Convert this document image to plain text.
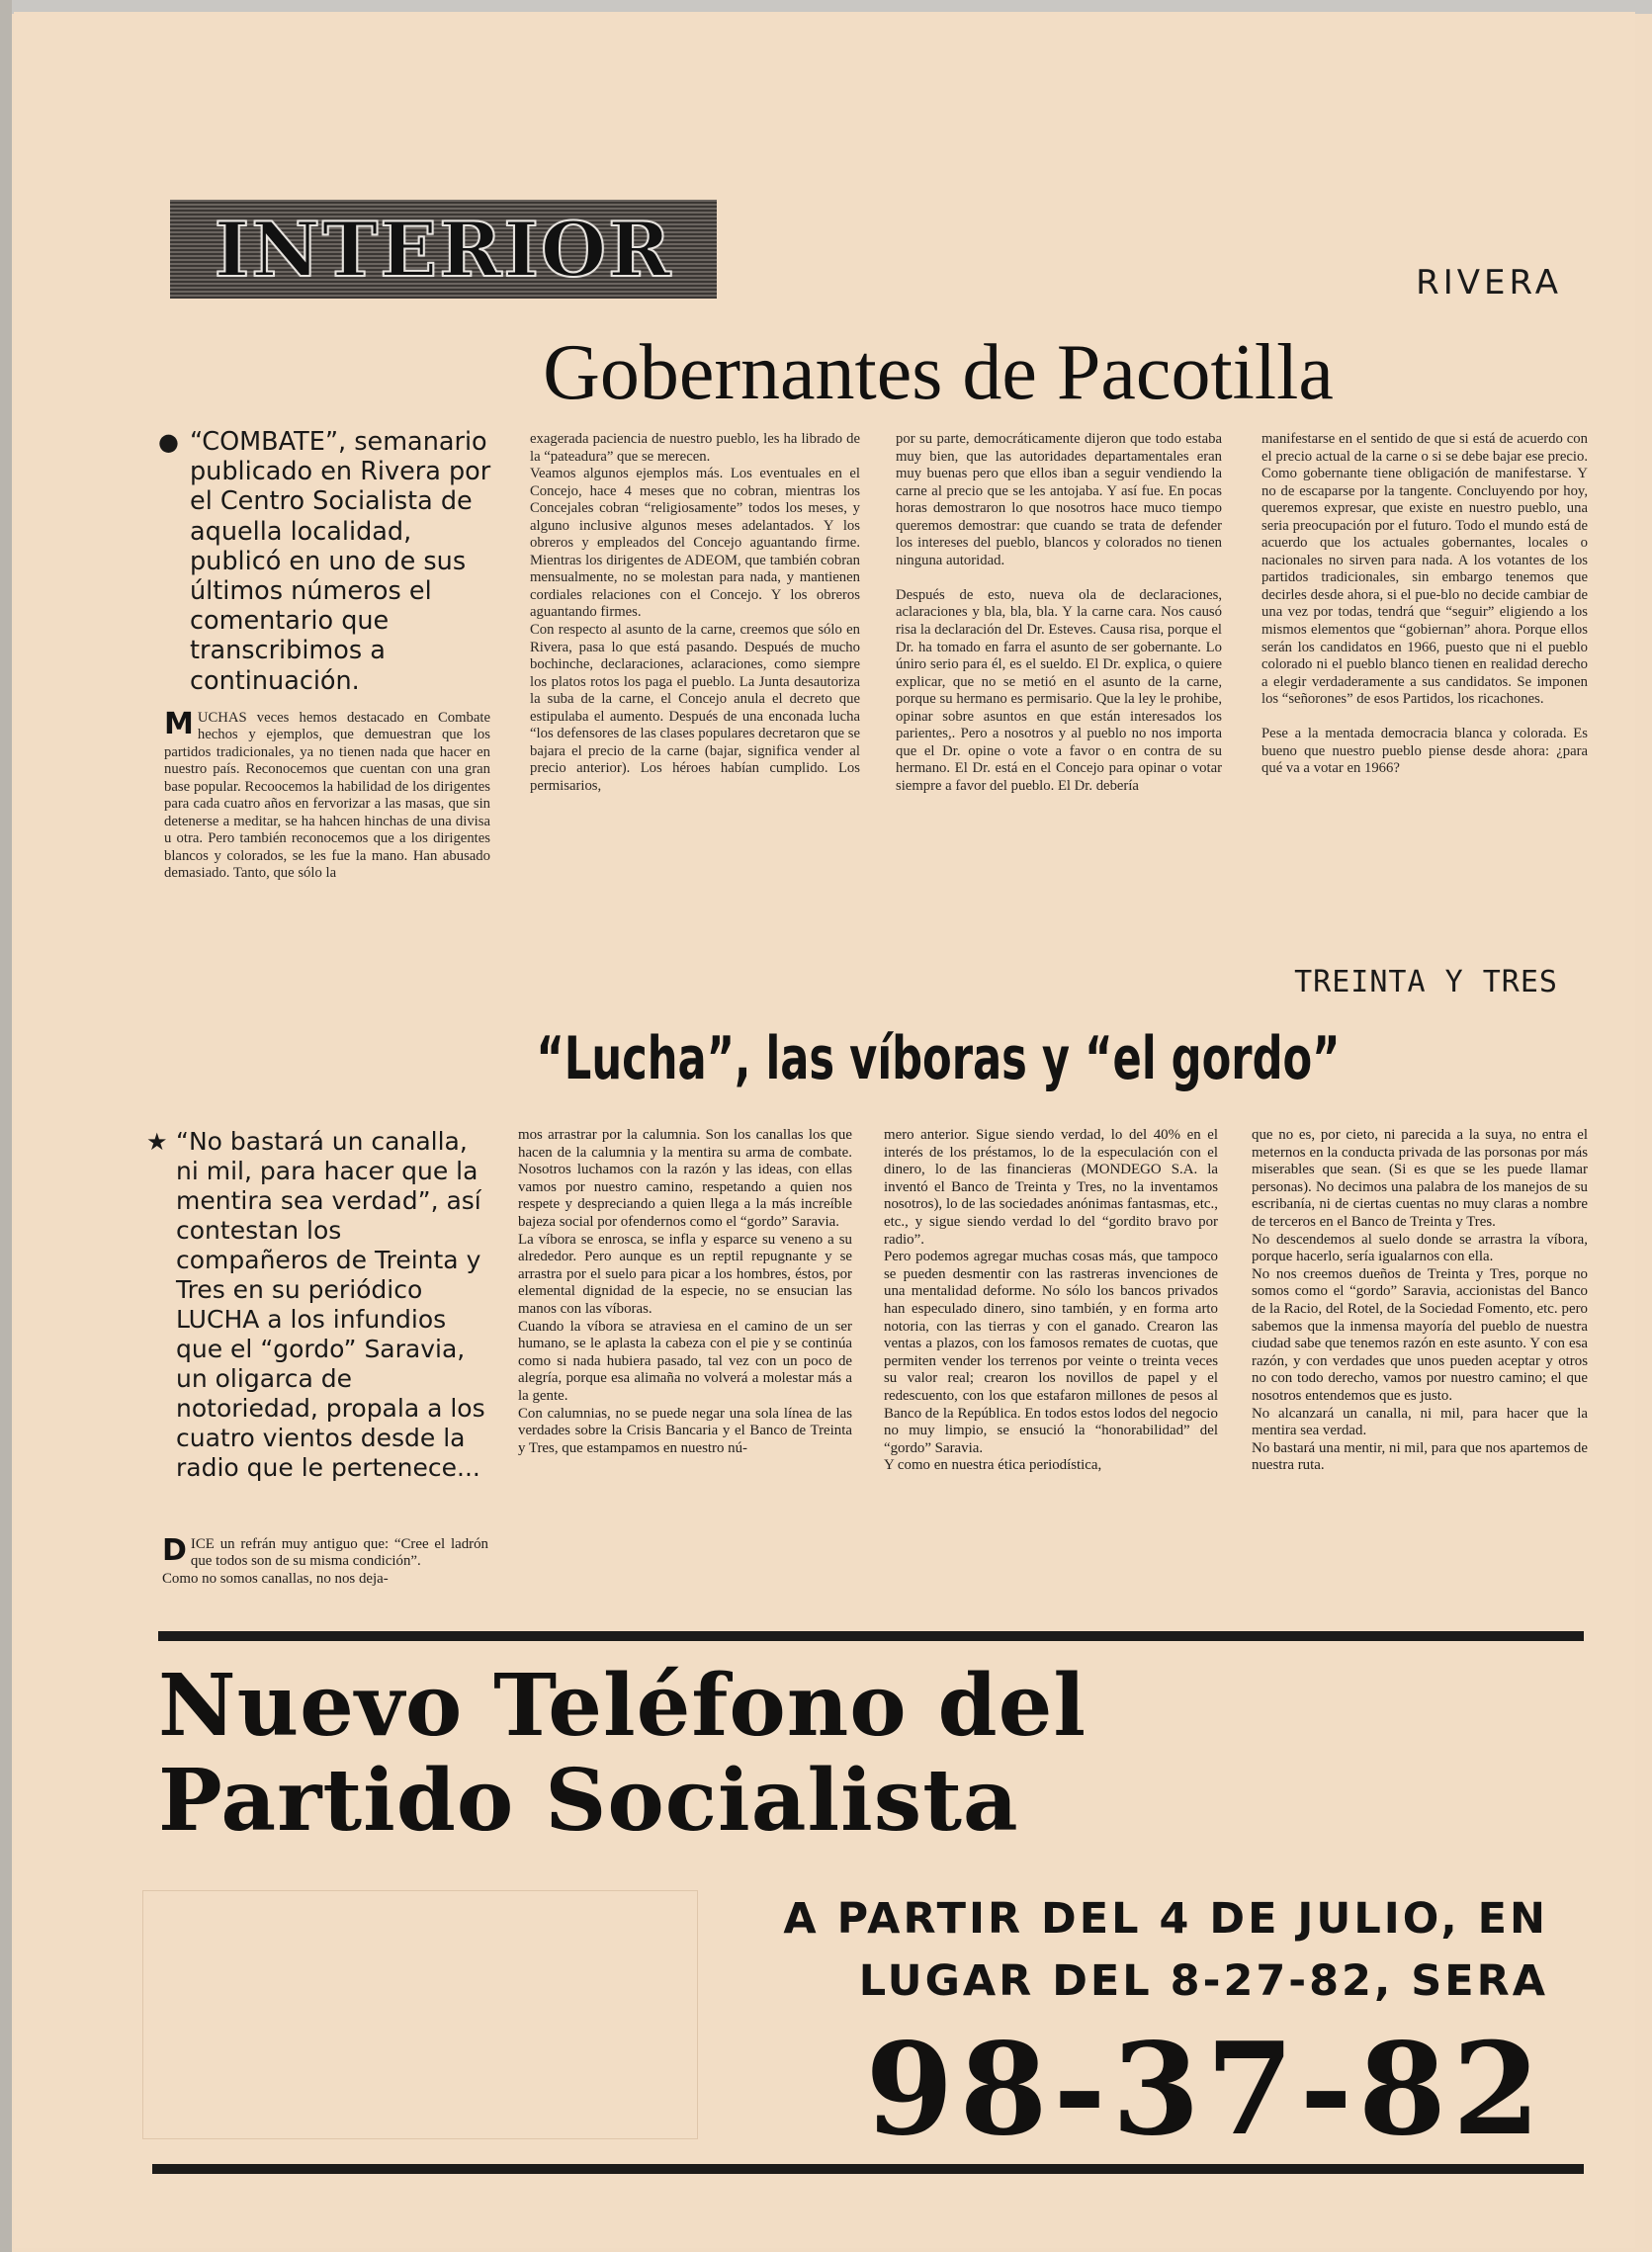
INTERIOR	RIVERA
Gobernantes de Pacotilla
● “COMBATE”, semanario publicado en Rivera por el Centro Socialista de aquella localidad, publicó en uno de sus últimos números el comentario que transcribimos a continuación.

MUCHAS veces hemos destacado en Combate hechos y ejemplos, que demuestran que los partidos tradicionales, ya no tienen nada que hacer en nuestro país. Reconocemos que cuentan con una gran base popular. Recoocemos la habilidad de los dirigentes para cada cuatro años en fervorizar a las masas, que sin detenerse a meditar, se ha hahcen hinchas de una divisa u otra. Pero también reconocemos que a los dirigentes blancos y colorados, se les fue la mano. Han abusado demasiado. Tanto, que sólo la

exagerada paciencia de nuestro pueblo, les ha librado de la “pateadura” que se merecen.
Veamos algunos ejemplos más. Los eventuales en el Concejo, hace 4 meses que no cobran, mientras los Concejales cobran “religiosamente” todos los meses, y alguno inclusive algunos meses adelantados. Y los obreros y empleados del Concejo aguantando firme. Mientras los dirigentes de ADEOM, que también cobran mensualmente, no se molestan para nada, y mantienen cordiales relaciones con el Concejo. Y los obreros aguantando firmes.
Con respecto al asunto de la carne, creemos que sólo en Rivera, pasa lo que está pasando. Después de mucho bochinche, declaraciones, aclaraciones, como siempre los platos rotos los paga el pueblo. La Junta desautoriza la suba de la carne, el Concejo anula el decreto que estipulaba el aumento. Después de una enconada lucha “los defensores de las clases populares decretaron que se bajara el precio de la carne (bajar, significa vender al precio anterior). Los héroes habían cumplido. Los permisarios,
por su parte, democráticamente dijeron que todo estaba muy bien, que las autoridades departamentales eran muy buenas pero que ellos iban a seguir vendiendo la carne al precio que se les antojaba. Y así fue. En pocas horas demostraron lo que nosotros hace muco tiempo queremos demostrar: que cuando se trata de defender los intereses del pueblo, blancos y colorados no tienen ninguna autoridad.

Después de esto, nueva ola de declaraciones, aclaraciones y bla, bla, bla. Y la carne cara. Nos causó risa la declaración del Dr. Esteves. Causa risa, porque el Dr. ha tomado en farra el asunto de ser gobernante. Lo úniro serio para él, es el sueldo. El Dr. explica, o quiere explicar, que no se metió en el asunto de la carne, porque su hermano es permisario. Que la ley le prohibe, opinar sobre asuntos en que están interesados los parientes,. Pero a nosotros y al pueblo no nos importa que el Dr. opine o vote a favor o en contra de su hermano. El Dr. está en el Concejo para opinar o votar siempre a favor del pueblo. El Dr. debería
manifestarse en el sentido de que si está de acuerdo con el precio actual de la carne o si se debe bajar ese precio. Como gobernante tiene obligación de manifestarse. Y no de escaparse por la tangente. Concluyendo por hoy, queremos expresar, que existe en nuestro pueblo, una seria preocupación por el futuro. Todo el mundo está de acuerdo que los actuales gobernantes, locales o nacionales no sirven para nada. A los votantes de los partidos tradicionales, sin embargo tenemos que decirles desde ahora, si el pue-blo no decide cambiar de una vez por todas, tendrá que “seguir” eligiendo a los mismos elementos que “gobiernan” ahora. Porque ellos serán los candidatos en 1966, puesto que ni el pueblo colorado ni el pueblo blanco tienen en realidad derecho a elegir verdaderamente a sus candidatos. Se imponen los “señorones” de esos Partidos, los ricachones.

Pese a la mentada democracia blanca y colorada. Es bueno que nuestro pueblo piense desde ahora: ¿para qué va a votar en 1966?
TREINTA Y TRES
“Lucha”, las víboras y “el gordo”
★ “No bastará un canalla, ni mil, para hacer que la mentira sea verdad”, así contestan los compañeros de Treinta y Tres en su periódico LUCHA a los infundios que el “gordo” Saravia, un oligarca de notoriedad, propala a los cuatro vientos desde la radio que le pertenece...

DICE un refrán muy antiguo que: “Cree el ladrón que todos son de su misma condición”.
Como no somos canallas, no nos deja-

mos arrastrar por la calumnia. Son los canallas los que hacen de la calumnia y la mentira su arma de combate. Nosotros luchamos con la razón y las ideas, con ellas vamos por nuestro camino, respetando a quien nos respete y despreciando a quien llega a la más increíble bajeza social por ofendernos como el “gordo” Saravia.
La víbora se enrosca, se infla y esparce su veneno a su alrededor. Pero aunque es un reptil repugnante y se arrastra por el suelo para picar a los hombres, éstos, por elemental dignidad de la especie, no se ensucian las manos con las víboras.
Cuando la víbora se atraviesa en el camino de un ser humano, se le aplasta la cabeza con el pie y se continúa como si nada hubiera pasado, tal vez con un poco de alegría, porque esa alimaña no volverá a molestar más a la gente.
Con calumnias, no se puede negar una sola línea de las verdades sobre la Crisis Bancaria y el Banco de Treinta y Tres, que estampamos en nuestro nú-
mero anterior. Sigue siendo verdad, lo del 40% en el interés de los préstamos, lo de la especulación con el dinero, lo de las financieras (MONDEGO S.A. la inventó el Banco de Treinta y Tres, no la inventamos nosotros), lo de las sociedades anónimas fantasmas, etc., etc., y sigue siendo verdad lo del “gordito bravo por radio”.
Pero podemos agregar muchas cosas más, que tampoco se pueden desmentir con las rastreras invenciones de una mentalidad deforme. No sólo los bancos privados han especulado dinero, sino también, y en forma arto notoria, con las tierras y con el ganado. Crearon las ventas a plazos, con los famosos remates de cuotas, que permiten vender los terrenos por veinte o treinta veces su valor real; crearon los novillos de papel y el redescuento, con los que estafaron millones de pesos al Banco de la República. En todos estos lodos del negocio no muy limpio, se ensució la “honorabilidad” del “gordo” Saravia.
Y como en nuestra ética periodística,
que no es, por cieto, ni parecida a la suya, no entra el meternos en la conducta privada de las porsonas por más miserables que sean. (Si es que se les puede llamar personas). No decimos una palabra de los manejos de su escribanía, ni de ciertas cuentas no muy claras a nombre de terceros en el Banco de Treinta y Tres.
No descendemos al suelo donde se arrastra la víbora, porque hacerlo, sería igualarnos con ella.
No nos creemos dueños de Treinta y Tres, porque no somos como el “gordo” Saravia, accionistas del Banco de la Racio, del Rotel, de la Sociedad Fomento, etc. pero sabemos que la inmensa mayoría del pueblo de nuestra ciudad sabe que tenemos razón en este asunto. Y con esa razón, y con verdades que unos pueden aceptar y otros no con todo derecho, vamos por nuestro camino; el que nosotros entendemos que es justo.
No alcanzará un canalla, ni mil, para hacer que la mentira sea verdad.
No bastará una mentir, ni mil, para que nos apartemos de nuestra ruta.
Nuevo Teléfono del
Partido Socialista
A PARTIR DEL 4 DE JULIO, EN
LUGAR DEL 8-27-82, SERA
98-37-82
